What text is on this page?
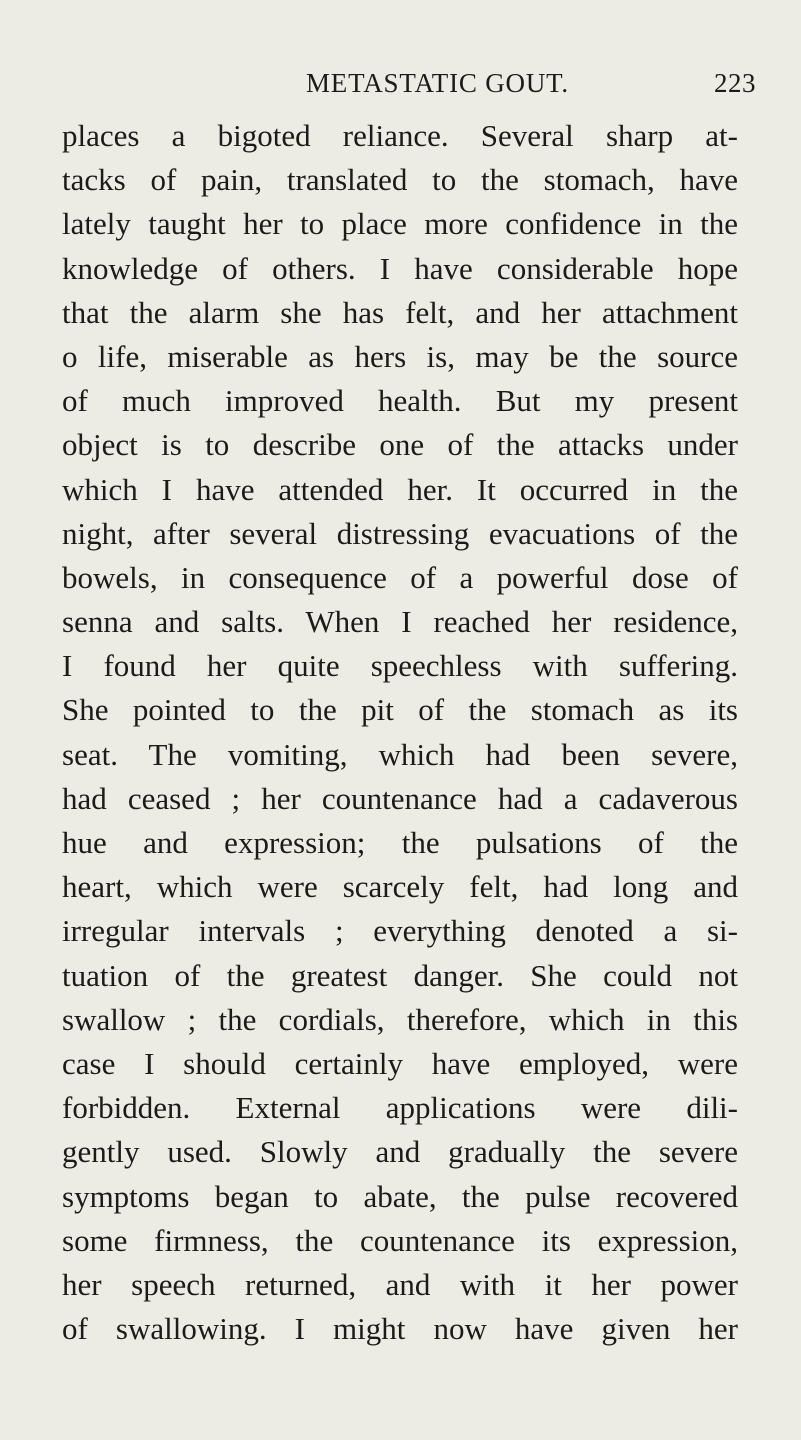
METASTATIC GOUT.	223
places a bigoted reliance. Several sharp at-
tacks of pain, translated to the stomach, have
lately taught her to place more confidence in the
knowledge of others. I have considerable hope
that the alarm she has felt, and her attachment
o life, miserable as hers is, may be the source
of much improved health. But my present
object is to describe one of the attacks under
which I have attended her. It occurred in the
night, after several distressing evacuations of the
bowels, in consequence of a powerful dose of
senna and salts. When I reached her residence,
I found her quite speechless with suffering.
She pointed to the pit of the stomach as its
seat. The vomiting, which had been severe,
had ceased ; her countenance had a cadaverous
hue and expression; the pulsations of the
heart, which were scarcely felt, had long and
irregular intervals ; everything denoted a si-
tuation of the greatest danger. She could not
swallow ; the cordials, therefore, which in this
case I should certainly have employed, were
forbidden. External applications were dili-
gently used. Slowly and gradually the severe
symptoms began to abate, the pulse recovered
some firmness, the countenance its expression,
her speech returned, and with it her power
of swallowing. I might now have given her
